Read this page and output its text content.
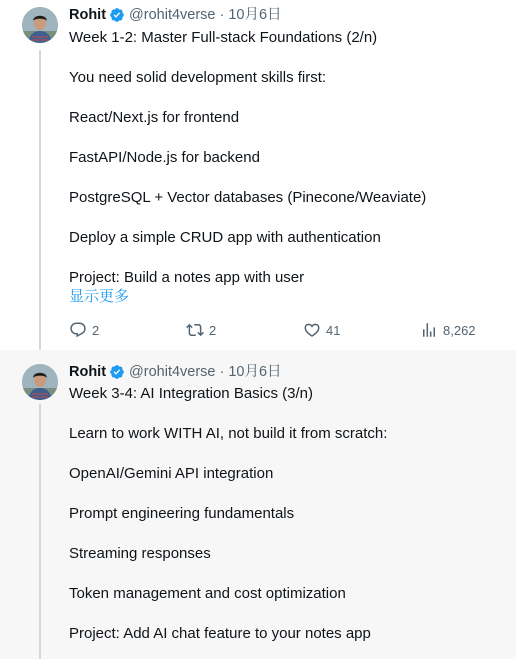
Rohit @rohit4verse · 10月6日
Week 1-2: Master Full-stack Foundations (2/n)
You need solid development skills first:
React/Next.js for frontend
FastAPI/Node.js for backend
PostgreSQL + Vector databases (Pinecone/Weaviate)
Deploy a simple CRUD app with authentication
Project: Build a notes app with user
显示更多
2	2	41	8,262
Rohit @rohit4verse · 10月6日
Week 3-4: AI Integration Basics (3/n)
Learn to work WITH AI, not build it from scratch:
OpenAI/Gemini API integration
Prompt engineering fundamentals
Streaming responses
Token management and cost optimization
Project: Add AI chat feature to your notes app
